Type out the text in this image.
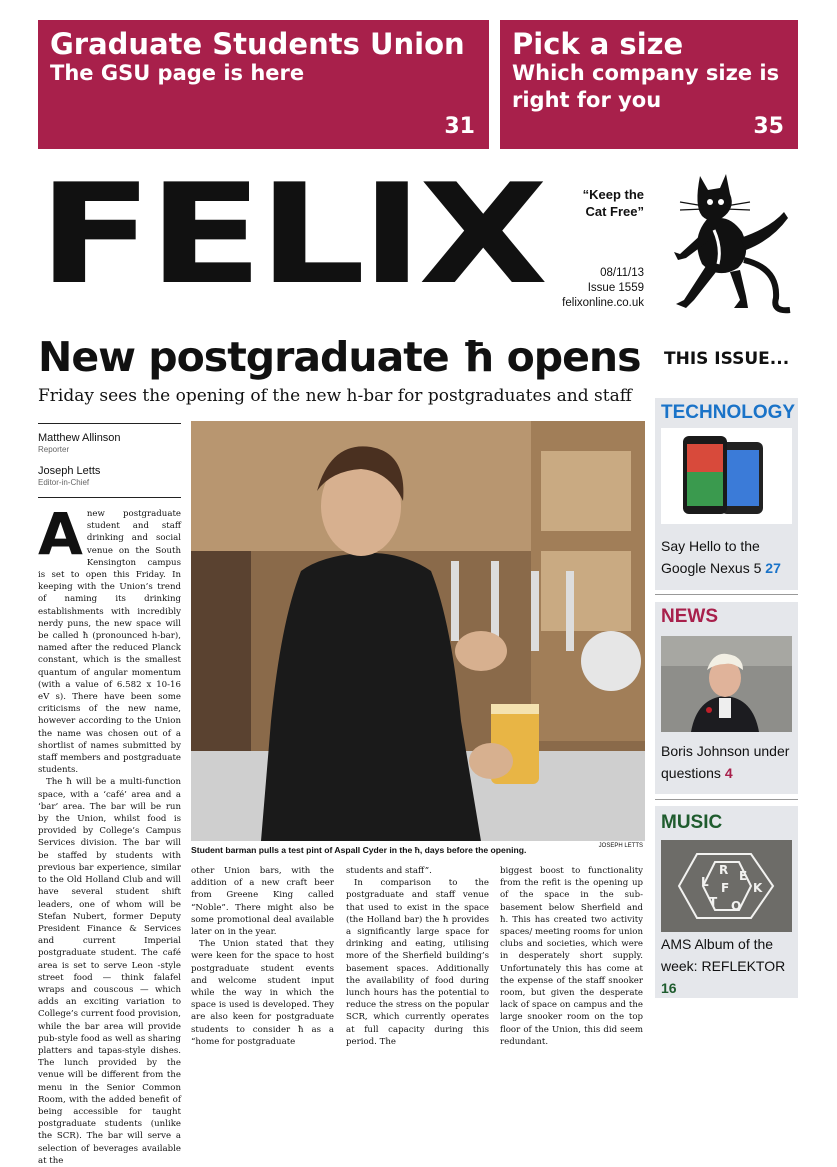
Graduate Students Union
The GSU page is here
31
Pick a size
Which company size is right for you
35
FELIX	“Keep the Cat Free”
08/11/13
Issue 1559
felixonline.co.uk
New postgraduate ħ opens
Friday sees the opening of the new h-bar for postgraduates and staff
Matthew Allinson
Reporter
Joseph Letts
Editor-in-Chief
JOSEPH LETTS
Student barman pulls a test pint of Aspall Cyder in the ħ, days before the opening.
A new postgraduate student and staff drinking and social venue on the South Kensington campus is set to open this Friday. In keeping with the Union’s trend of naming its drinking establishments with incredibly nerdy puns, the new space will be called ħ (pronounced h-bar), named after the reduced Planck constant, which is the smallest quantum of angular momentum (with a value of 6.582 x 10-16 eV s). There have been some criticisms of the new name, however according to the Union the name was chosen out of a shortlist of names submitted by staff members and postgraduate students.

The ħ will be a multi-function space, with a ‘café’ area and a ‘bar’ area. The bar will be run by the Union, whilst food is provided by College’s Campus Services division. The bar will be staffed by students with previous bar experience, similar to the Old Holland Club and will have several student shift leaders, one of whom will be Stefan Nubert, former Deputy President Finance & Services and current Imperial postgraduate student. The café area is set to serve Leon -style street food — think falafel wraps and couscous — which adds an exciting variation to College’s current food provision, while the bar area will provide pub-style food as well as sharing platters and tapas-style dishes. The lunch provided by the venue will be different from the menu in the Senior Common Room, with the added benefit of being accessible for taught postgraduate students (unlike the SCR). The bar will serve a selection of beverages available at the

other Union bars, with the addition of a new craft beer from Greene King called “Noble”. There might also be some promotional deal available later on in the year.

The Union stated that they were keen for the space to host postgraduate student events and welcome student input while the way in which the space is used is developed. They are also keen for postgraduate students to consider ħ as a “home for postgraduate

students and staff”.

In comparison to the postgraduate and staff venue that used to exist in the space (the Holland bar) the ħ provides a significantly large space for drinking and eating, utilising more of the Sherfield building’s basement spaces. Additionally the availability of food during lunch hours has the potential to reduce the stress on the popular SCR, which currently operates at full capacity during this period. The

biggest boost to functionality from the refit is the opening up of the space in the sub-basement below Sherfield and ħ. This has created two activity spaces/ meeting rooms for union clubs and societies, which were in desperately short supply. Unfortunately this has come at the expense of the staff snooker room, but given the desperate lack of space on campus and the large snooker room on the top floor of the Union, this did seem redundant.

THIS ISSUE...
TECHNOLOGY
Say Hello to the Google Nexus 5 27
NEWS
Boris Johnson under questions 4
MUSIC
R E
L F K
T O
AMS Album of the week: REFLEKTOR 16
